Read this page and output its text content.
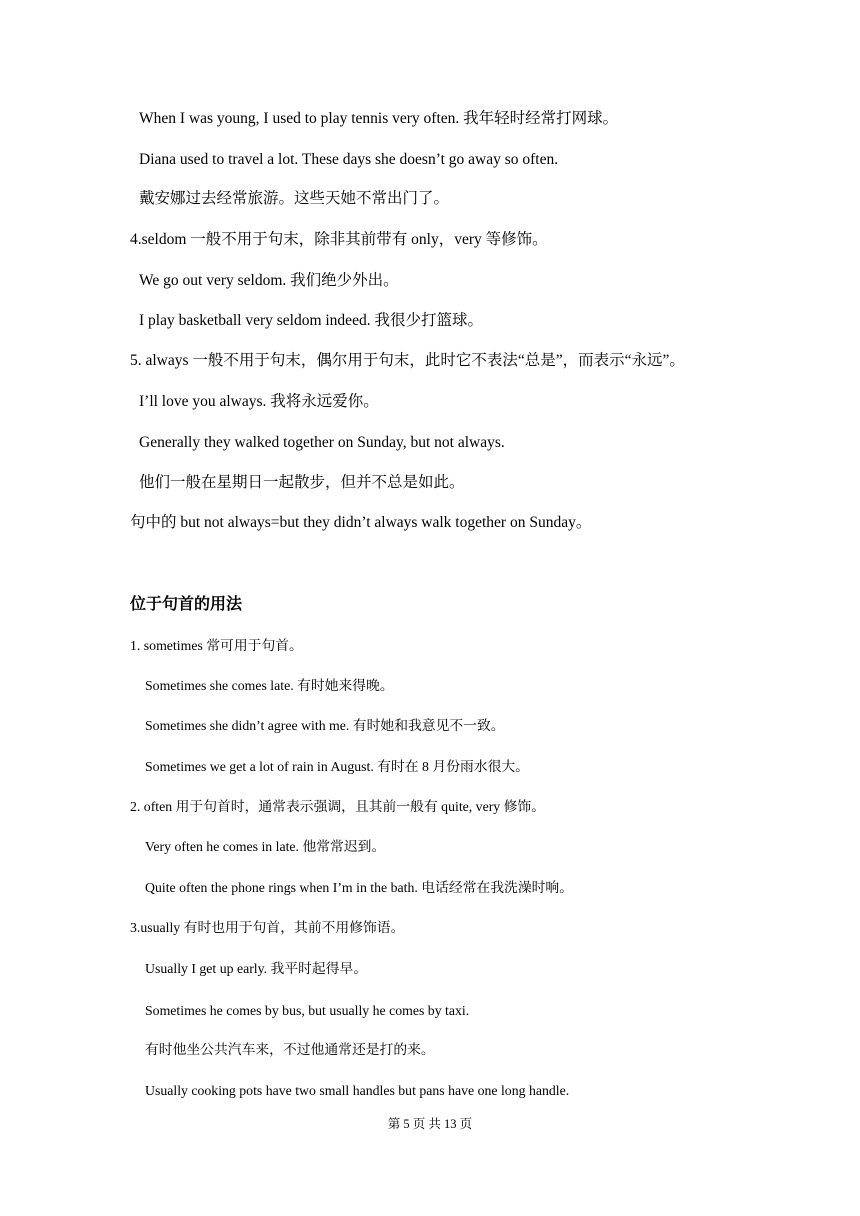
When I was young, I used to play tennis very often. 我年轻时经常打网球。
Diana used to travel a lot. These days she doesn’t go away so often.
戴安娜过去经常旅游。这些天她不常出门了。
4.seldom 一般不用于句末，除非其前带有 only，very 等修饰。
We go out very seldom. 我们绝少外出。
I play basketball very seldom indeed. 我很少打篮球。
5. always 一般不用于句末，偶尔用于句末，此时它不表法“总是”，而表示“永远”。
I’ll love you always. 我将永远爱你。
Generally they walked together on Sunday, but not always.
他们一般在星期日一起散步，但并不总是如此。
句中的 but not always=but they didn’t always walk together on Sunday。
位于句首的用法
1. sometimes 常可用于句首。
Sometimes she comes late. 有时她来得晚。
Sometimes she didn’t agree with me. 有时她和我意见不一致。
Sometimes we get a lot of rain in August. 有时在 8 月份雨水很大。
2. often 用于句首时，通常表示强调，且其前一般有 quite, very 修饰。
Very often he comes in late. 他常常迟到。
Quite often the phone rings when I’m in the bath. 电话经常在我洗澡时响。
3.usually 有时也用于句首，其前不用修饰语。
Usually I get up early. 我平时起得早。
Sometimes he comes by bus, but usually he comes by taxi.
有时他坐公共汽车来，不过他通常还是打的来。
Usually cooking pots have two small handles but pans have one long handle.
第 5 页 共 13 页
